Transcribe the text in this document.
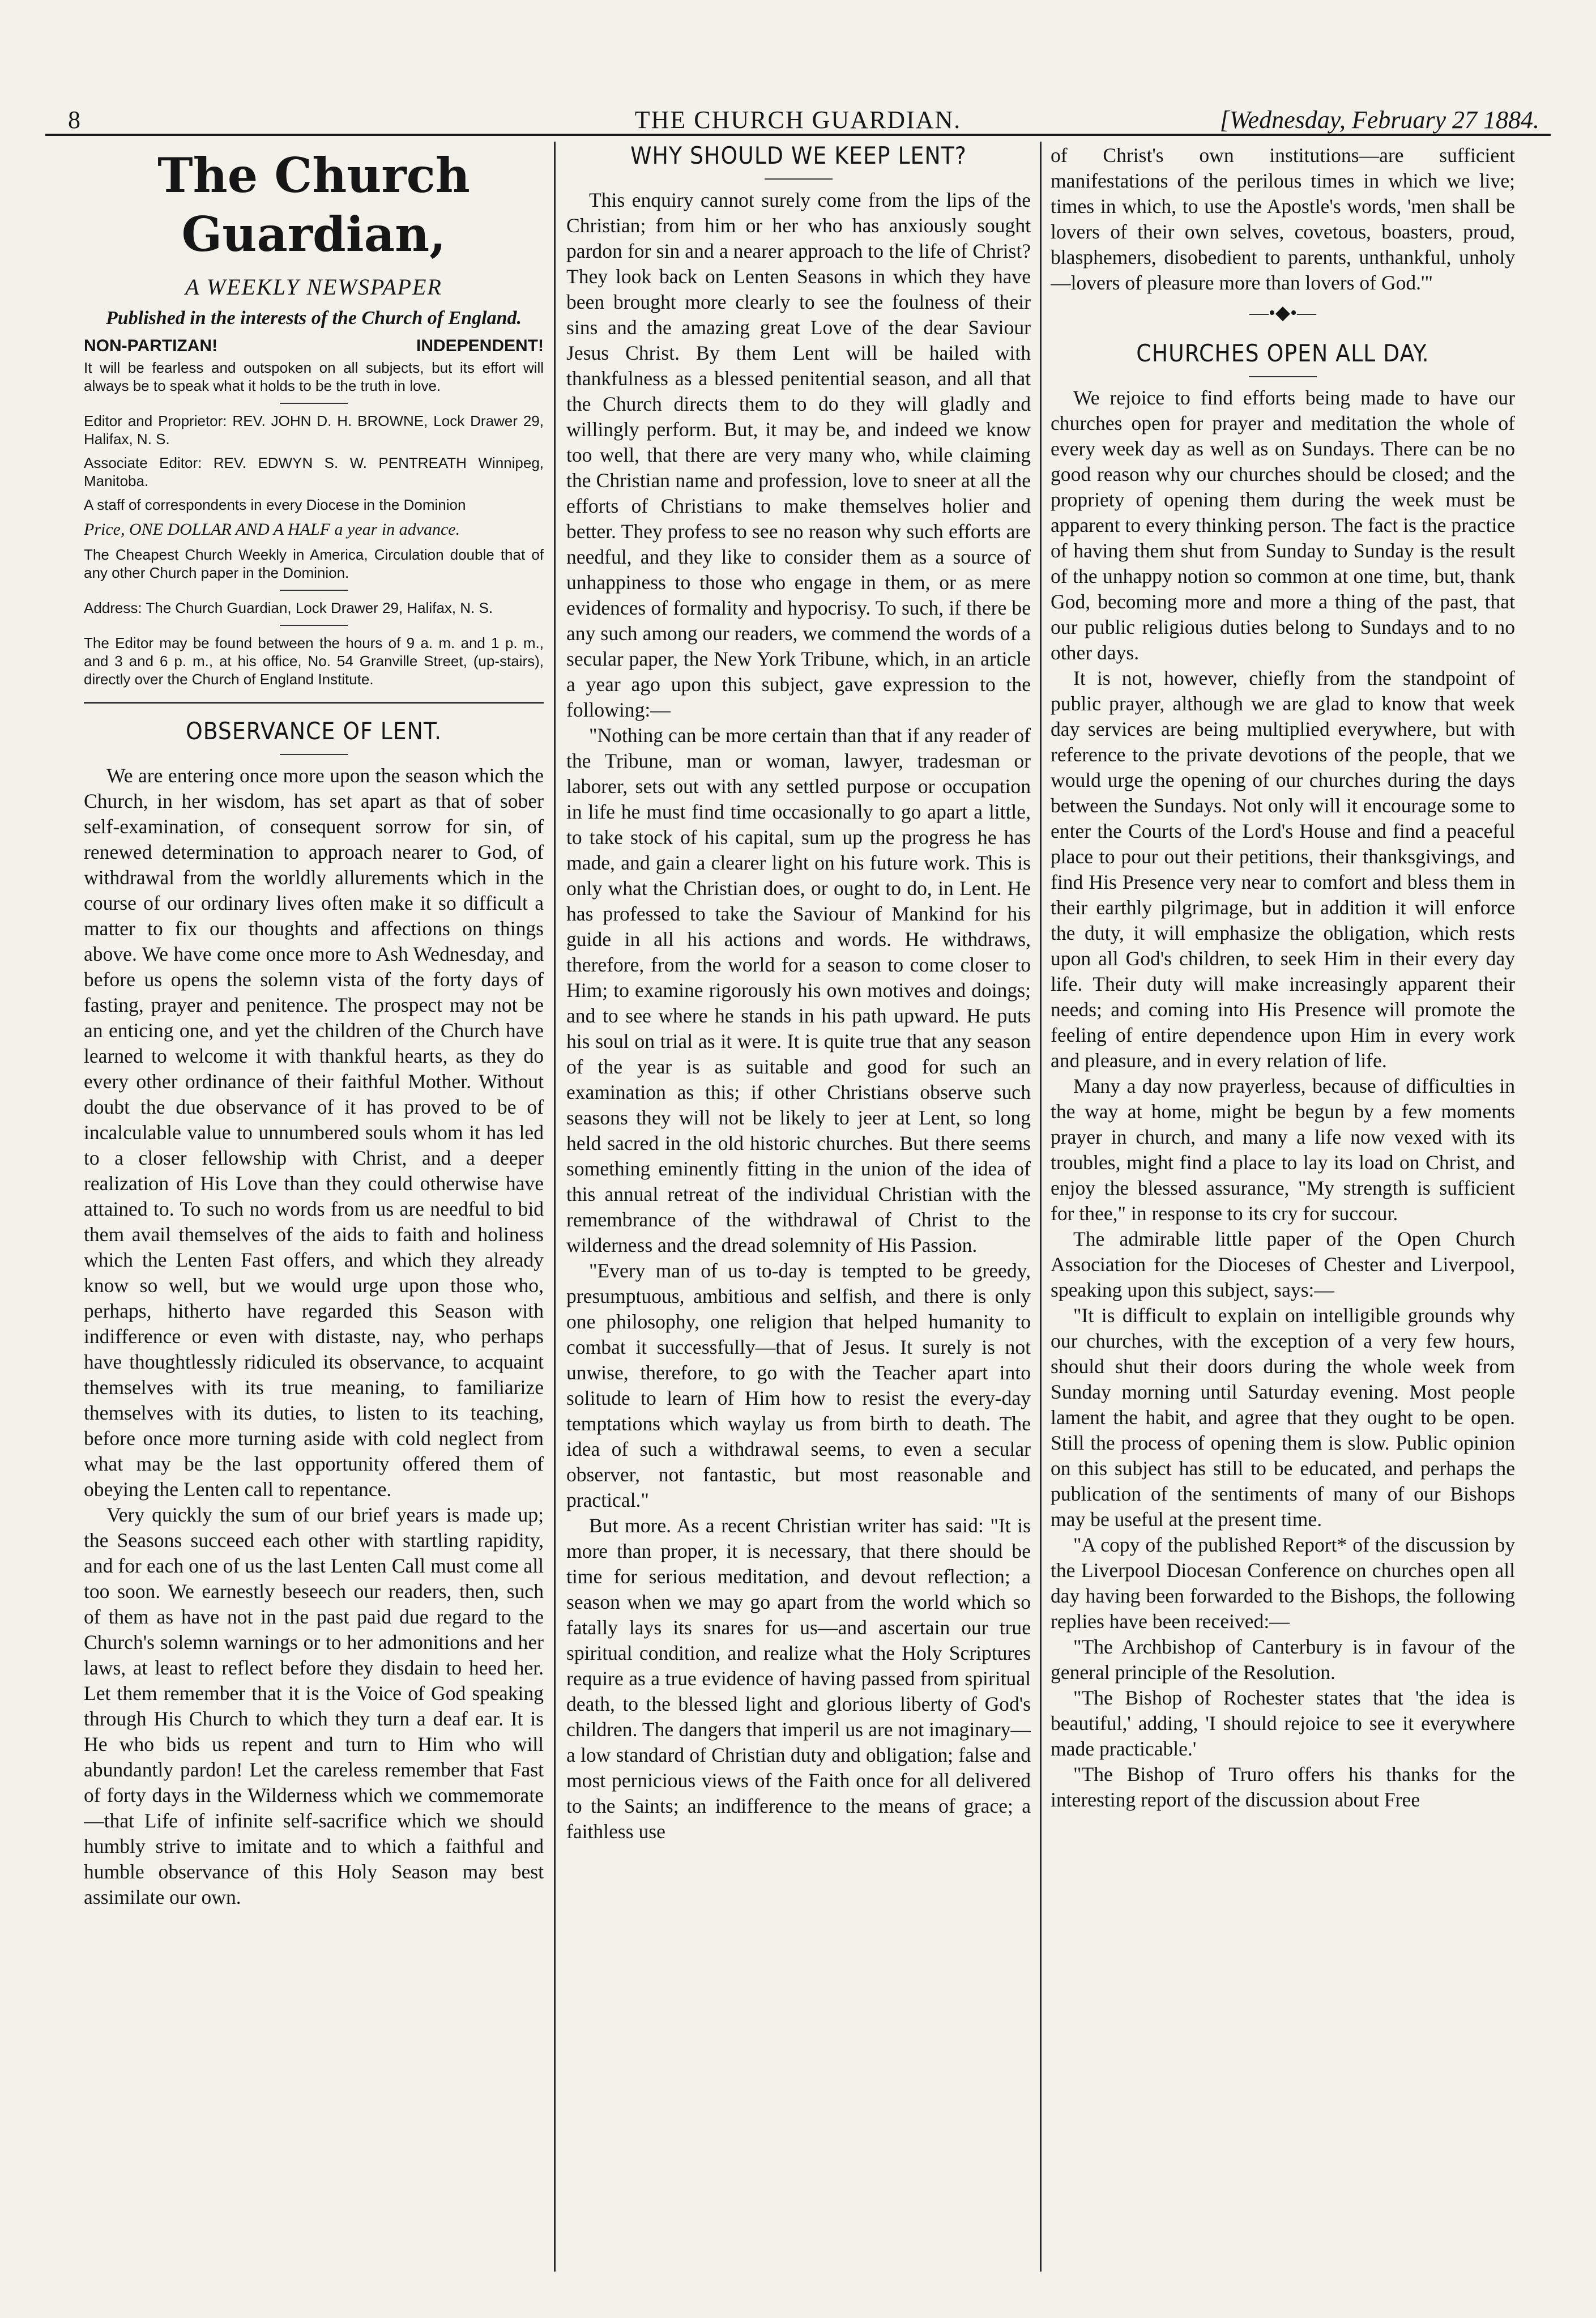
8	THE CHURCH GUARDIAN.	[Wednesday, February 27 1884.
The Church Guardian,
A WEEKLY NEWSPAPER
Published in the interests of the Church of England.
NON-PARTIZAN!	INDEPENDENT!

It will be fearless and outspoken on all subjects, but its effort will always be to speak what it holds to be the truth in love.

Editor and Proprietor: REV. JOHN D. H. BROWNE, Lock Drawer 29, Halifax, N. S.

Associate Editor: REV. EDWYN S. W. PENTREATH Winnipeg, Manitoba.

A staff of correspondents in every Diocese in the Dominion

Price, ONE DOLLAR AND A HALF a year in advance.

The Cheapest Church Weekly in America, Circulation double that of any other Church paper in the Dominion.

Address: The Church Guardian, Lock Drawer 29, Halifax, N. S.

The Editor may be found between the hours of 9 a. m. and 1 p. m., and 3 and 6 p. m., at his office, No. 54 Granville Street, (up-stairs), directly over the Church of England Institute.

OBSERVANCE OF LENT.

We are entering once more upon the season which the Church, in her wisdom, has set apart as that of sober self-examination, of consequent sorrow for sin, of renewed determination to approach nearer to God, of withdrawal from the worldly allurements which in the course of our ordinary lives often make it so difficult a matter to fix our thoughts and affections on things above. We have come once more to Ash Wednesday, and before us opens the solemn vista of the forty days of fasting, prayer and penitence. The prospect may not be an enticing one, and yet the children of the Church have learned to welcome it with thankful hearts, as they do every other ordinance of their faithful Mother. Without doubt the due observance of it has proved to be of incalculable value to unnumbered souls whom it has led to a closer fellowship with Christ, and a deeper realization of His Love than they could otherwise have attained to. To such no words from us are needful to bid them avail themselves of the aids to faith and holiness which the Lenten Fast offers, and which they already know so well, but we would urge upon those who, perhaps, hitherto have regarded this Season with indifference or even with distaste, nay, who perhaps have thoughtlessly ridiculed its observance, to acquaint themselves with its true meaning, to familiarize themselves with its duties, to listen to its teaching, before once more turning aside with cold neglect from what may be the last opportunity offered them of obeying the Lenten call to repentance.

Very quickly the sum of our brief years is made up; the Seasons succeed each other with startling rapidity, and for each one of us the last Lenten Call must come all too soon. We earnestly beseech our readers, then, such of them as have not in the past paid due regard to the Church's solemn warnings or to her admonitions and her laws, at least to reflect before they disdain to heed her. Let them remember that it is the Voice of God speaking through His Church to which they turn a deaf ear. It is He who bids us repent and turn to Him who will abundantly pardon! Let the careless remember that Fast of forty days in the Wilderness which we commemorate—that Life of infinite self-sacrifice which we should humbly strive to imitate and to which a faithful and humble observance of this Holy Season may best assimilate our own.

WHY SHOULD WE KEEP LENT?

This enquiry cannot surely come from the lips of the Christian; from him or her who has anxiously sought pardon for sin and a nearer approach to the life of Christ? They look back on Lenten Seasons in which they have been brought more clearly to see the foulness of their sins and the amazing great Love of the dear Saviour Jesus Christ. By them Lent will be hailed with thankfulness as a blessed penitential season, and all that the Church directs them to do they will gladly and willingly perform. But, it may be, and indeed we know too well, that there are very many who, while claiming the Christian name and profession, love to sneer at all the efforts of Christians to make themselves holier and better. They profess to see no reason why such efforts are needful, and they like to consider them as a source of unhappiness to those who engage in them, or as mere evidences of formality and hypocrisy. To such, if there be any such among our readers, we commend the words of a secular paper, the New York Tribune, which, in an article a year ago upon this subject, gave expression to the following:—

"Nothing can be more certain than that if any reader of the Tribune, man or woman, lawyer, tradesman or laborer, sets out with any settled purpose or occupation in life he must find time occasionally to go apart a little, to take stock of his capital, sum up the progress he has made, and gain a clearer light on his future work. This is only what the Christian does, or ought to do, in Lent. He has professed to take the Saviour of Mankind for his guide in all his actions and words. He withdraws, therefore, from the world for a season to come closer to Him; to examine rigorously his own motives and doings; and to see where he stands in his path upward. He puts his soul on trial as it were. It is quite true that any season of the year is as suitable and good for such an examination as this; if other Christians observe such seasons they will not be likely to jeer at Lent, so long held sacred in the old historic churches. But there seems something eminently fitting in the union of the idea of this annual retreat of the individual Christian with the remembrance of the withdrawal of Christ to the wilderness and the dread solemnity of His Passion.

"Every man of us to-day is tempted to be greedy, presumptuous, ambitious and selfish, and there is only one philosophy, one religion that helped humanity to combat it successfully—that of Jesus. It surely is not unwise, therefore, to go with the Teacher apart into solitude to learn of Him how to resist the every-day temptations which waylay us from birth to death. The idea of such a withdrawal seems, to even a secular observer, not fantastic, but most reasonable and practical."

But more. As a recent Christian writer has said: "It is more than proper, it is necessary, that there should be time for serious meditation, and devout reflection; a season when we may go apart from the world which so fatally lays its snares for us—and ascertain our true spiritual condition, and realize what the Holy Scriptures require as a true evidence of having passed from spiritual death, to the blessed light and glorious liberty of God's children. The dangers that imperil us are not imaginary—a low standard of Christian duty and obligation; false and most pernicious views of the Faith once for all delivered to the Saints; an indifference to the means of grace; a faithless use

of Christ's own institutions—are sufficient manifestations of the perilous times in which we live; times in which, to use the Apostle's words, 'men shall be lovers of their own selves, covetous, boasters, proud, blasphemers, disobedient to parents, unthankful, unholy—lovers of pleasure more than lovers of God.'"

—•◆•—
CHURCHES OPEN ALL DAY.

We rejoice to find efforts being made to have our churches open for prayer and meditation the whole of every week day as well as on Sundays. There can be no good reason why our churches should be closed; and the propriety of opening them during the week must be apparent to every thinking person. The fact is the practice of having them shut from Sunday to Sunday is the result of the unhappy notion so common at one time, but, thank God, becoming more and more a thing of the past, that our public religious duties belong to Sundays and to no other days.

It is not, however, chiefly from the standpoint of public prayer, although we are glad to know that week day services are being multiplied everywhere, but with reference to the private devotions of the people, that we would urge the opening of our churches during the days between the Sundays. Not only will it encourage some to enter the Courts of the Lord's House and find a peaceful place to pour out their petitions, their thanksgivings, and find His Presence very near to comfort and bless them in their earthly pilgrimage, but in addition it will enforce the duty, it will emphasize the obligation, which rests upon all God's children, to seek Him in their every day life. Their duty will make increasingly apparent their needs; and coming into His Presence will promote the feeling of entire dependence upon Him in every work and pleasure, and in every relation of life.

Many a day now prayerless, because of difficulties in the way at home, might be begun by a few moments prayer in church, and many a life now vexed with its troubles, might find a place to lay its load on Christ, and enjoy the blessed assurance, "My strength is sufficient for thee," in response to its cry for succour.

The admirable little paper of the Open Church Association for the Dioceses of Chester and Liverpool, speaking upon this subject, says:—

"It is difficult to explain on intelligible grounds why our churches, with the exception of a very few hours, should shut their doors during the whole week from Sunday morning until Saturday evening. Most people lament the habit, and agree that they ought to be open. Still the process of opening them is slow. Public opinion on this subject has still to be educated, and perhaps the publication of the sentiments of many of our Bishops may be useful at the present time.

"A copy of the published Report* of the discussion by the Liverpool Diocesan Conference on churches open all day having been forwarded to the Bishops, the following replies have been received:—

"The Archbishop of Canterbury is in favour of the general principle of the Resolution.

"The Bishop of Rochester states that 'the idea is beautiful,' adding, 'I should rejoice to see it everywhere made practicable.'

"The Bishop of Truro offers his thanks for the interesting report of the discussion about Free
